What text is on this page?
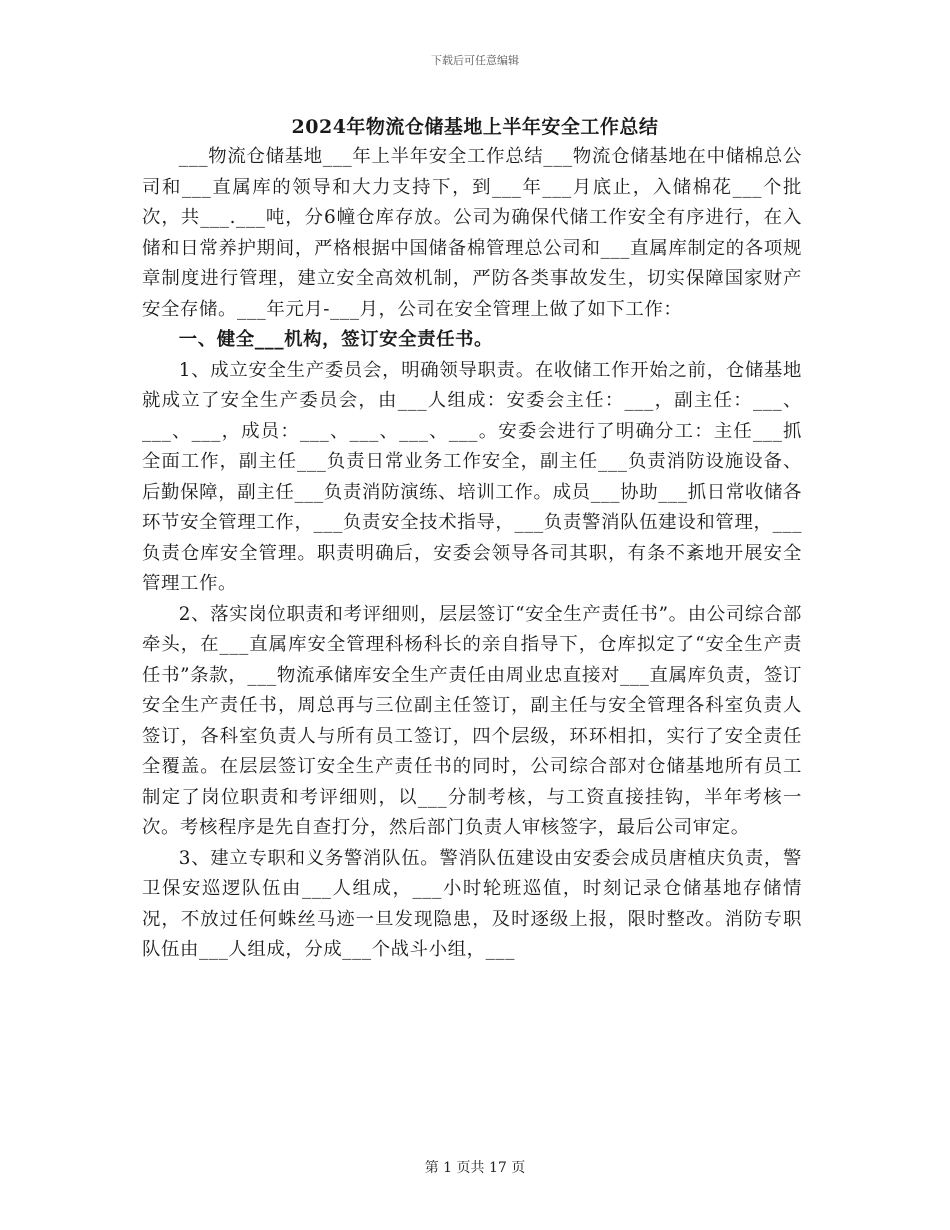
下载后可任意编辑
2024年物流仓储基地上半年安全工作总结

___物流仓储基地___年上半年安全工作总结___物流仓储基地在中储棉总公司和___直属库的领导和大力支持下，到___年___月底止，入储棉花___个批次，共___.___吨，分6幢仓库存放。公司为确保代储工作安全有序进行，在入储和日常养护期间，严格根据中国储备棉管理总公司和___直属库制定的各项规章制度进行管理，建立安全高效机制，严防各类事故发生，切实保障国家财产安全存储。___年元月-___月，公司在安全管理上做了如下工作：

一、健全___机构，签订安全责任书。

1、成立安全生产委员会，明确领导职责。在收储工作开始之前，仓储基地就成立了安全生产委员会，由___人组成：安委会主任：___，副主任：___、___、___，成员：___、___、___、___。安委会进行了明确分工：主任___抓全面工作，副主任___负责日常业务工作安全，副主任___负责消防设施设备、后勤保障，副主任___负责消防演练、培训工作。成员___协助___抓日常收储各环节安全管理工作，___负责安全技术指导，___负责警消队伍建设和管理，___负责仓库安全管理。职责明确后，安委会领导各司其职，有条不紊地开展安全管理工作。

2、落实岗位职责和考评细则，层层签订“安全生产责任书”。由公司综合部牵头，在___直属库安全管理科杨科长的亲自指导下，仓库拟定了“安全生产责任书”条款，___物流承储库安全生产责任由周业忠直接对___直属库负责，签订安全生产责任书，周总再与三位副主任签订，副主任与安全管理各科室负责人签订，各科室负责人与所有员工签订，四个层级，环环相扣，实行了安全责任全覆盖。在层层签订安全生产责任书的同时，公司综合部对仓储基地所有员工制定了岗位职责和考评细则，以___分制考核，与工资直接挂钩，半年考核一次。考核程序是先自查打分，然后部门负责人审核签字，最后公司审定。

3、建立专职和义务警消队伍。警消队伍建设由安委会成员唐植庆负责，警卫保安巡逻队伍由___人组成，___小时轮班巡值，时刻记录仓储基地存储情况，不放过任何蛛丝马迹一旦发现隐患，及时逐级上报，限时整改。消防专职队伍由___人组成，分成___个战斗小组，___

第 1 页共 17 页
